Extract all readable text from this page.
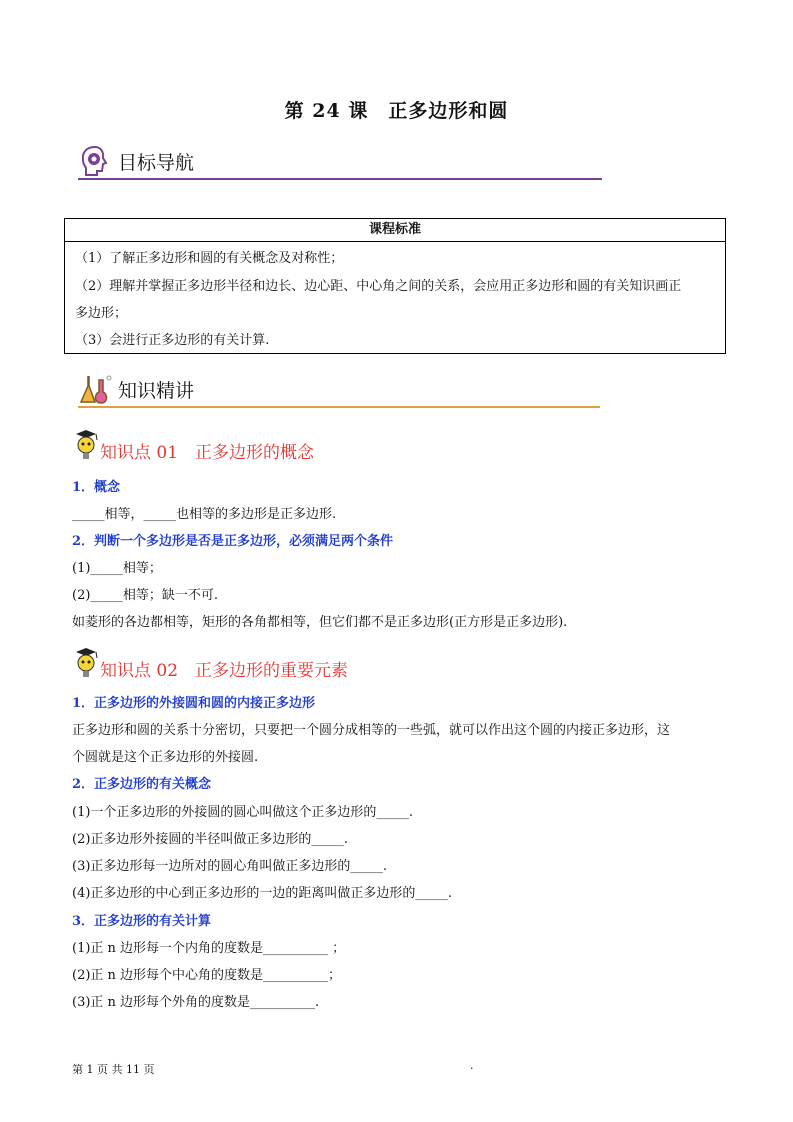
第 24 课　正多边形和圆
目标导航
课程标准
（1）了解正多边形和圆的有关概念及对称性；
（2）理解并掌握正多边形半径和边长、边心距、中心角之间的关系，会应用正多边形和圆的有关知识画正
多边形；
（3）会进行正多边形的有关计算.
知识精讲
知识点 01　正多边形的概念
1．概念
_____相等，_____也相等的多边形是正多边形.
2．判断一个多边形是否是正多边形，必须满足两个条件
(1)_____相等；
(2)_____相等；缺一不可.
如菱形的各边都相等，矩形的各角都相等，但它们都不是正多边形(正方形是正多边形).
知识点 02　正多边形的重要元素
1．正多边形的外接圆和圆的内接正多边形
正多边形和圆的关系十分密切，只要把一个圆分成相等的一些弧，就可以作出这个圆的内接正多边形，这
个圆就是这个正多边形的外接圆.
2．正多边形的有关概念
(1)一个正多边形的外接圆的圆心叫做这个正多边形的_____.
(2)正多边形外接圆的半径叫做正多边形的_____.
(3)正多边形每一边所对的圆心角叫做正多边形的_____.
(4)正多边形的中心到正多边形的一边的距离叫做正多边形的_____.
3．正多边形的有关计算
(1)正 n 边形每一个内角的度数是__________ ；
(2)正 n 边形每个中心角的度数是__________；
(3)正 n 边形每个外角的度数是__________.
第 1 页 共 11 页	.
